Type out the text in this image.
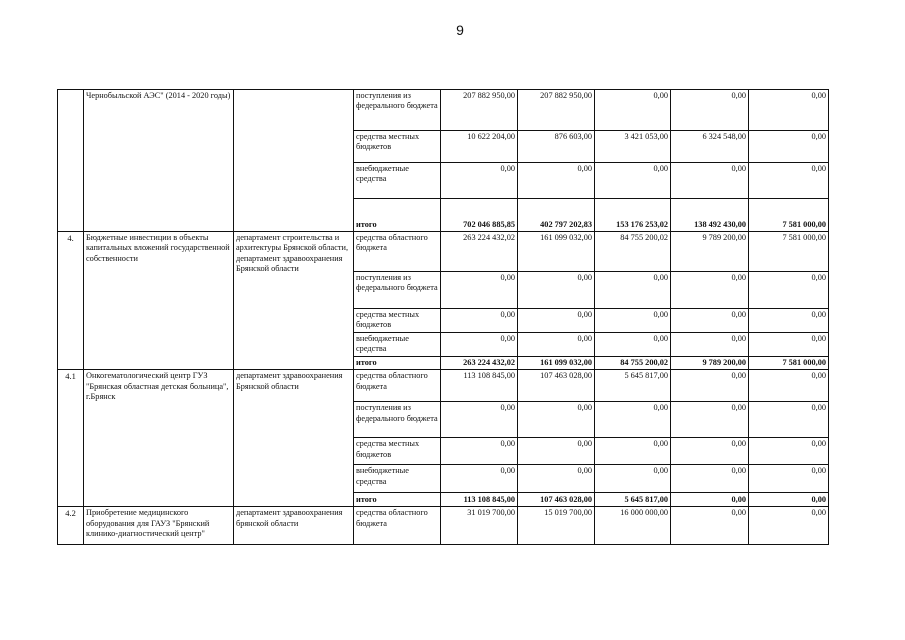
9
	Чернобыльской АЭС" (2014 - 2020 годы)		поступления из федерального бюджета	207 882 950,00	207 882 950,00	0,00	0,00	0,00
			средства местных бюджетов	10 622 204,00	876 603,00	3 421 053,00	6 324 548,00	0,00
			внебюджетные средства	0,00	0,00	0,00	0,00	0,00
			итого	702 046 885,85	402 797 202,83	153 176 253,02	138 492 430,00	7 581 000,00
4.	Бюджетные инвестиции в объекты капитальных вложений государственной собственности	департамент строительства и архитектуры Брянской области, департамент здравоохранения Брянской области	средства областного бюджета	263 224 432,02	161 099 032,00	84 755 200,02	9 789 200,00	7 581 000,00
			поступления из федерального бюджета	0,00	0,00	0,00	0,00	0,00
			средства местных бюджетов	0,00	0,00	0,00	0,00	0,00
			внебюджетные средства	0,00	0,00	0,00	0,00	0,00
			итого	263 224 432,02	161 099 032,00	84 755 200,02	9 789 200,00	7 581 000,00
4.1	Онкогематологический центр ГУЗ "Брянская областная детская больница", г.Брянск	департамент здравоохранения Брянской области	средства областного бюджета	113 108 845,00	107 463 028,00	5 645 817,00	0,00	0,00
			поступления из федерального бюджета	0,00	0,00	0,00	0,00	0,00
			средства местных бюджетов	0,00	0,00	0,00	0,00	0,00
			внебюджетные средства	0,00	0,00	0,00	0,00	0,00
			итого	113 108 845,00	107 463 028,00	5 645 817,00	0,00	0,00
4.2	Приобретение медицинского оборудования для ГАУЗ "Брянский клинико-диагностический центр"	департамент здравоохранения брянской области	средства областного бюджета	31 019 700,00	15 019 700,00	16 000 000,00	0,00	0,00
